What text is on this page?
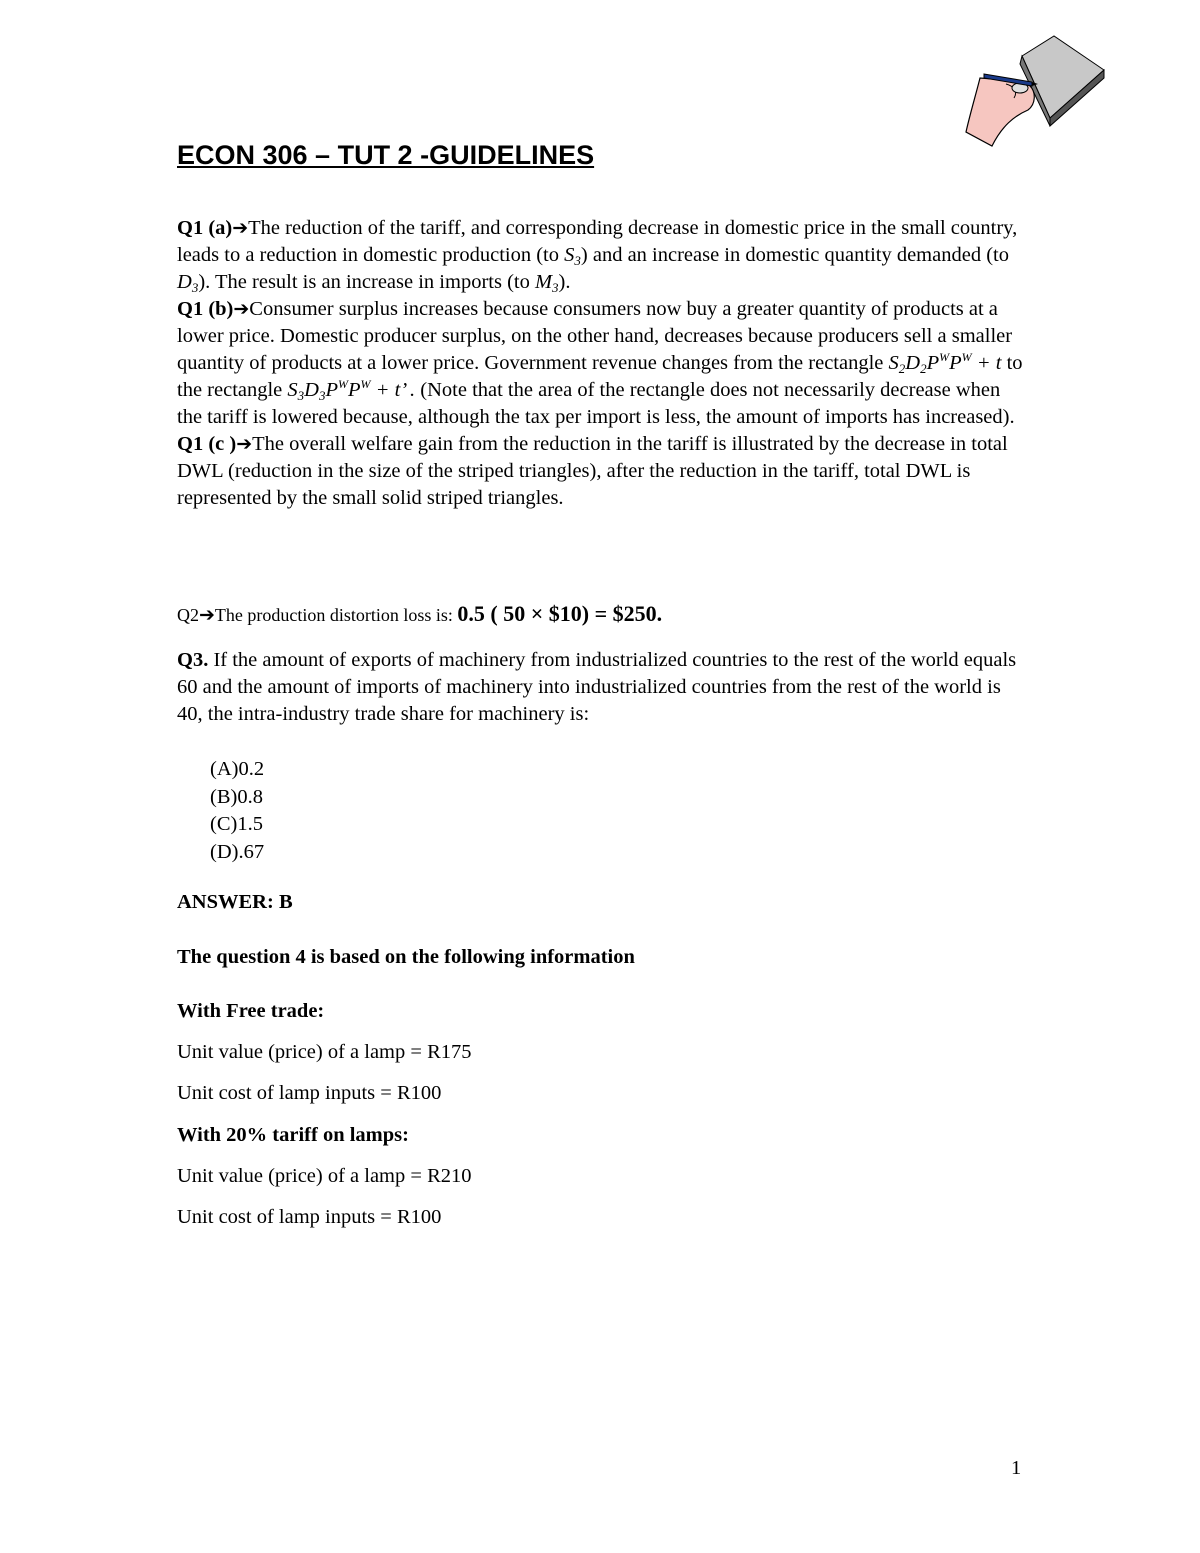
ECON 306 – TUT 2 -GUIDELINES

Q1 (a)➔The reduction of the tariff, and corresponding decrease in domestic price in the small country, leads to a reduction in domestic production (to $S_3$) and an increase in domestic quantity demanded (to $D_3$). The result is an increase in imports (to $M_3$).

Q1 (b)➔Consumer surplus increases because consumers now buy a greater quantity of products at a lower price. Domestic producer surplus, on the other hand, decreases because producers sell a smaller quantity of products at a lower price. Government revenue changes from the rectangle $S_2D_2P^WP^W + t$ to the rectangle $S_3D_3P^WP^W + t$’ . (Note that the area of the rectangle does not necessarily decrease when the tariff is lowered because, although the tax per import is less, the amount of imports has increased).

Q1 (c )➔The overall welfare gain from the reduction in the tariff is illustrated by the decrease in total DWL (reduction in the size of the striped triangles), after the reduction in the tariff, total DWL is represented by the small solid striped triangles.

Q2➔The production distortion loss is: 0.5 ( 50 × $10) = $250.
Q3. If the amount of exports of machinery from industrialized countries to the rest of the world equals 60 and the amount of imports of machinery into industrialized countries from the rest of the world is 40, the intra-industry trade share for machinery is:
(A)0.2
(B)0.8
(C)1.5
(D).67
ANSWER: B
The question 4 is based on the following information
With Free trade:
Unit value (price) of a lamp = R175
Unit cost of lamp inputs = R100
With 20% tariff on lamps:
Unit value (price) of a lamp = R210
Unit cost of lamp inputs = R100
1
